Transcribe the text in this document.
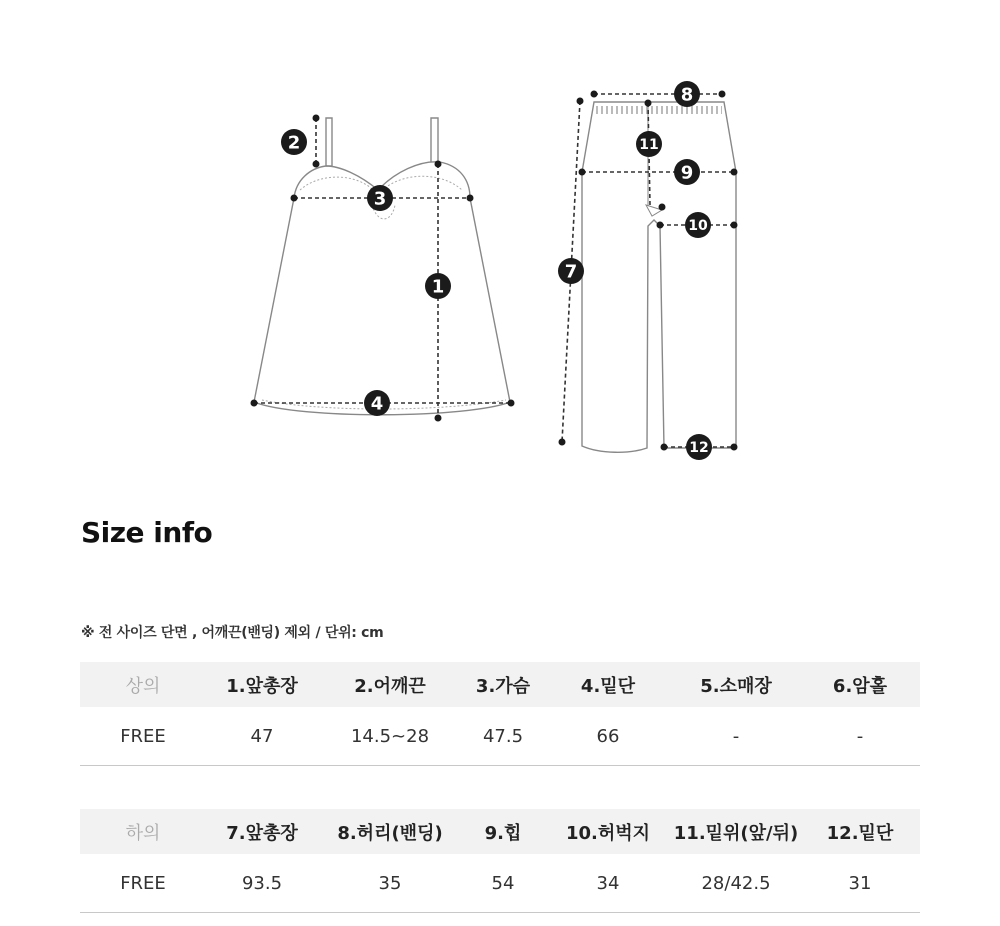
1
2
3
4
7
8
9
10
11
12
Size info
※ 전 사이즈 단면 , 어깨끈(밴딩) 제외 / 단위: cm
상의	1.앞총장	2.어깨끈	3.가슴	4.밑단	5.소매장	6.암홀
FREE	47	14.5~28	47.5	66	-	-
하의	7.앞총장	8.허리(밴딩)	9.힙	10.허벅지	11.밑위(앞/뒤)	12.밑단
FREE	93.5	35	54	34	28/42.5	31
